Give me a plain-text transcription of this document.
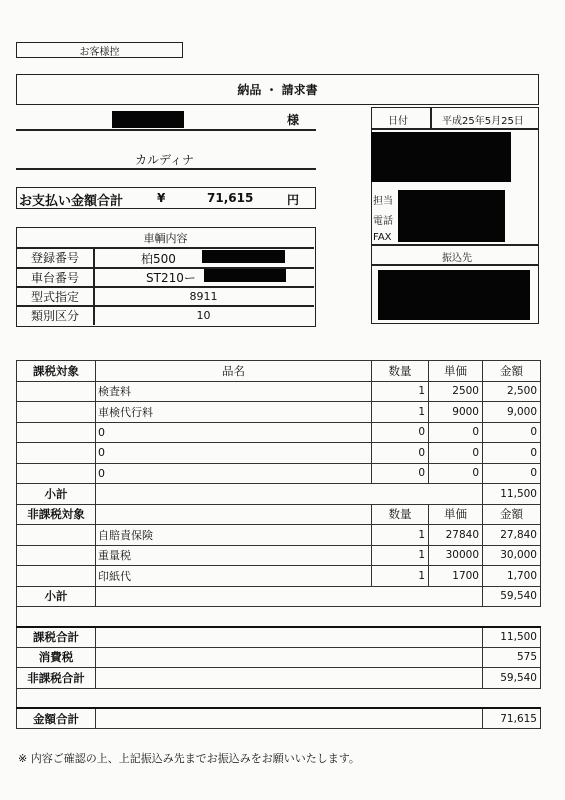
お客様控
納品 ・ 請求書
様
カルディナ
お支払い金額合計	¥	71,615	円
日付	平成25年5月25日
担当
電話
FAX
振込先
車輌内容
登録番号	柏500
車台番号	ST210ー
型式指定	8911
類別区分	10
課税対象	品名	数量	単価	金額
	検査料	1	2500	2,500
	車検代行料	1	9000	9,000
	0	0	0	0
	0	0	0	0
	0	0	0	0
小計				11,500
非課税対象		数量	単価	金額
	自賠責保険	1	27840	27,840
	重量税	1	30000	30,000
	印紙代	1	1700	1,700
小計				59,540

課税合計				11,500
消費税				575
非課税合計				59,540

金額合計				71,615
※ 内容ご確認の上、上記振込み先までお振込みをお願いいたします。
